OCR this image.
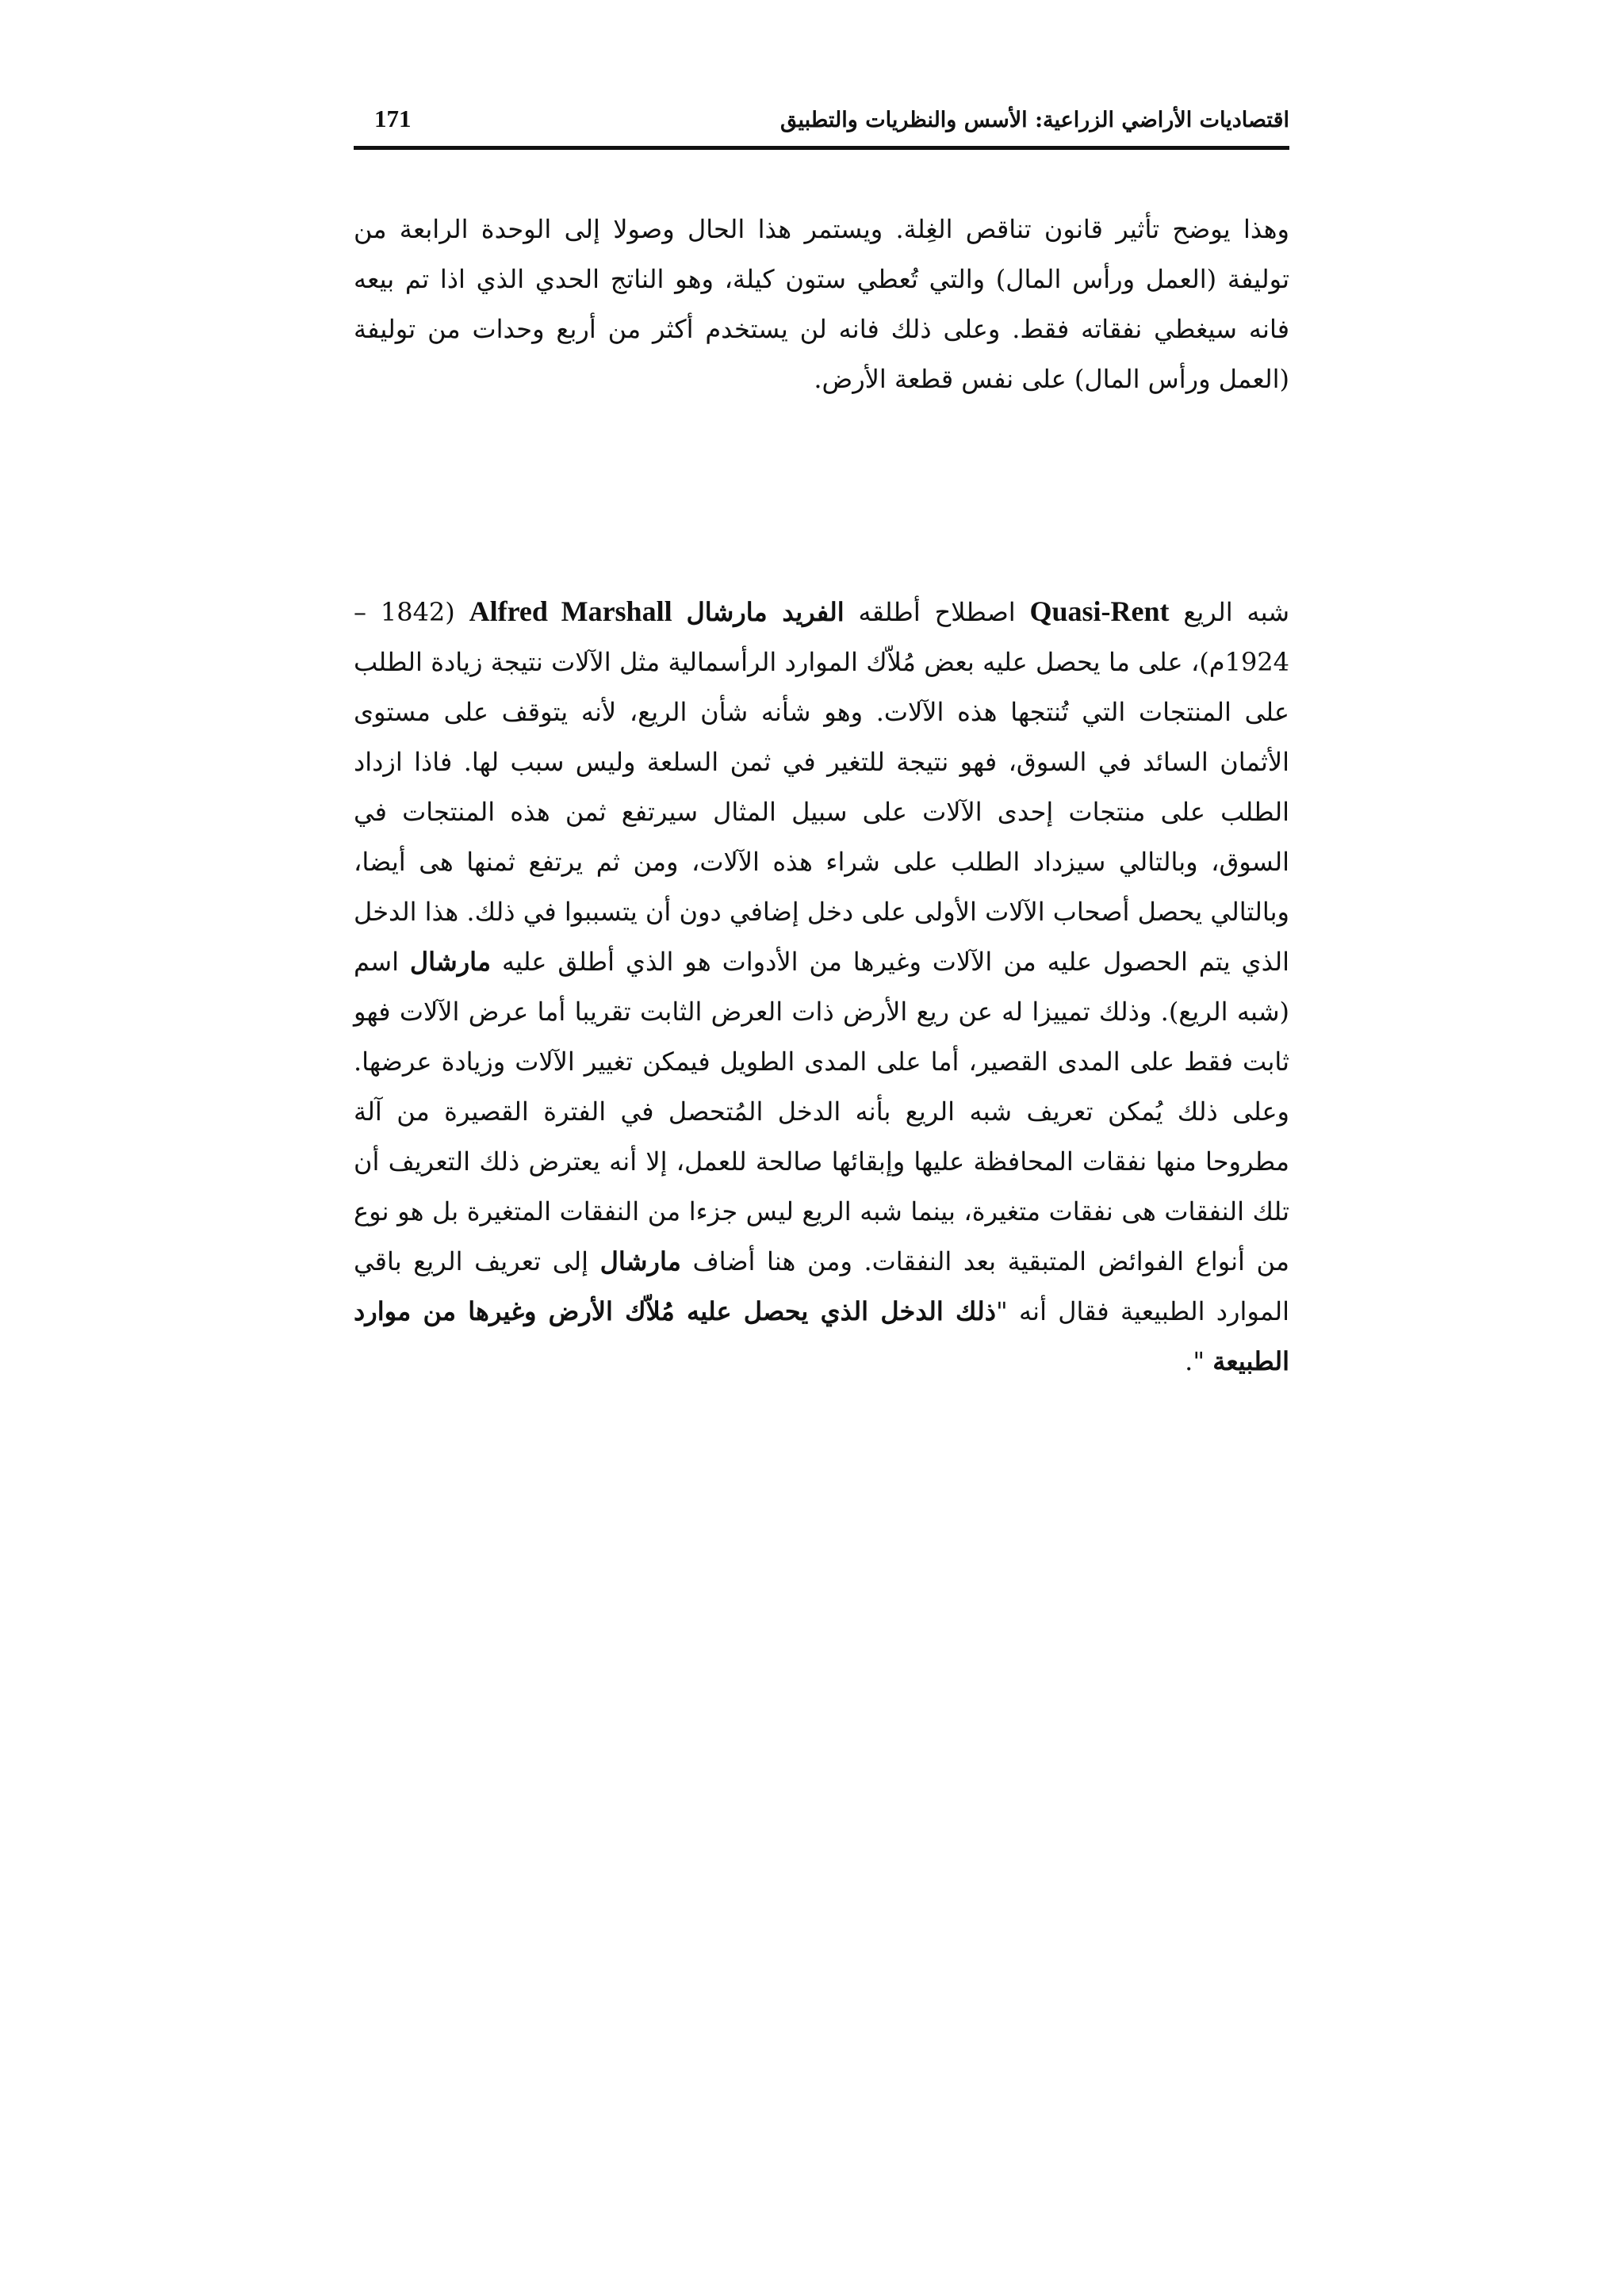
اقتصاديات الأراضي الزراعية: الأسس والنظريات والتطبيق
171

وهذا يوضح تأثير قانون تناقص الغِلة. ويستمر هذا الحال وصولا إلى الوحدة الرابعة من توليفة (العمل ورأس المال) والتي تُعطي ستون كيلة، وهو الناتج الحدي الذي اذا تم بيعه فانه سيغطي نفقاته فقط. وعلى ذلك فانه لن يستخدم أكثر من أربع وحدات من توليفة (العمل ورأس المال) على نفس قطعة الأرض.

شبه الريع Quasi-Rent اصطلاح أطلقه الفريد مارشال Alfred Marshall (1842 – 1924م)، على ما يحصل عليه بعض مُلاّك الموارد الرأسمالية مثل الآلات نتيجة زيادة الطلب على المنتجات التي تُنتجها هذه الآلات. وهو شأنه شأن الريع، لأنه يتوقف على مستوى الأثمان السائد في السوق، فهو نتيجة للتغير في ثمن السلعة وليس سبب لها. فاذا ازداد الطلب على منتجات إحدى الآلات على سبيل المثال سيرتفع ثمن هذه المنتجات في السوق، وبالتالي سيزداد الطلب على شراء هذه الآلات، ومن ثم يرتفع ثمنها هى أيضا، وبالتالي يحصل أصحاب الآلات الأولى على دخل إضافي دون أن يتسببوا في ذلك. هذا الدخل الذي يتم الحصول عليه من الآلات وغيرها من الأدوات هو الذي أطلق عليه مارشال اسم (شبه الريع). وذلك تمييزا له عن ريع الأرض ذات العرض الثابت تقريبا أما عرض الآلات فهو ثابت فقط على المدى القصير، أما على المدى الطويل فيمكن تغيير الآلات وزيادة عرضها. وعلى ذلك يُمكن تعريف شبه الريع بأنه الدخل المُتحصل في الفترة القصيرة من آلة مطروحا منها نفقات المحافظة عليها وإبقائها صالحة للعمل، إلا أنه يعترض ذلك التعريف أن تلك النفقات هى نفقات متغيرة، بينما شبه الريع ليس جزءا من النفقات المتغيرة بل هو نوع من أنواع الفوائض المتبقية بعد النفقات. ومن هنا أضاف مارشال إلى تعريف الريع باقي الموارد الطبيعية فقال أنه "ذلك الدخل الذي يحصل عليه مُلاّك الأرض وغيرها من موارد الطبيعة ".
